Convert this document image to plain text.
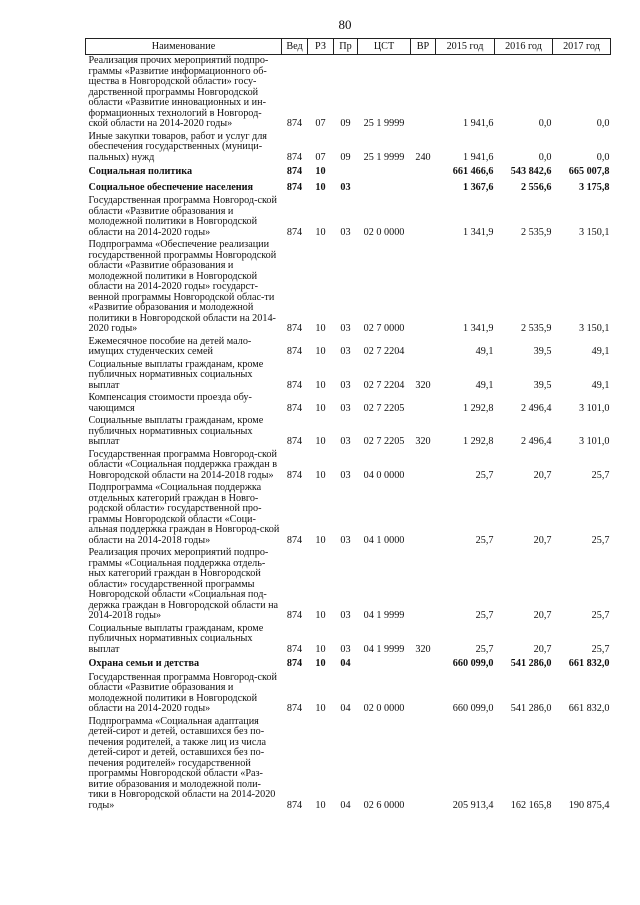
80
Наименование	Вед	РЗ	Пр	ЦСТ	ВР	2015 год	2016 год	2017 год
Реализация прочих мероприятий подпро-граммы «Развитие информационного об-щества в Новгородской области» госу-дарственной программы Новгородской области «Развитие инновационных и ин-формационных технологий в Новгород-ской области на 2014-2020 годы»	874	07	09	25 1 9999		1 941,6	0,0	0,0
Иные закупки товаров, работ и услуг для обеспечения государственных (муници-пальных) нужд	874	07	09	25 1 9999	240	1 941,6	0,0	0,0
Социальная политика	874	10				661 466,6	543 842,6	665 007,8
Социальное обеспечение населения	874	10	03			1 367,6	2 556,6	3 175,8
Государственная программа Новгород-ской области «Развитие образования и молодежной политики в Новгородской области на 2014-2020 годы»	874	10	03	02 0 0000		1 341,9	2 535,9	3 150,1
Подпрограмма «Обеспечение реализации государственной программы Новгородской области «Развитие образования и молодежной политики в Новгородской области на 2014-2020 годы» государст-венной программы Новгородской облас-ти «Развитие образования и молодежной политики в Новгородской области на 2014-2020 годы»	874	10	03	02 7 0000		1 341,9	2 535,9	3 150,1
Ежемесячное пособие на детей мало-имущих студенческих семей	874	10	03	02 7 2204		49,1	39,5	49,1
Социальные выплаты гражданам, кроме публичных нормативных социальных выплат	874	10	03	02 7 2204	320	49,1	39,5	49,1
Компенсация стоимости проезда обу-чающимся	874	10	03	02 7 2205		1 292,8	2 496,4	3 101,0
Социальные выплаты гражданам, кроме публичных нормативных социальных выплат	874	10	03	02 7 2205	320	1 292,8	2 496,4	3 101,0
Государственная программа Новгород-ской области «Социальная поддержка граждан в Новгородской области на 2014-2018 годы»	874	10	03	04 0 0000		25,7	20,7	25,7
Подпрограмма «Социальная поддержка отдельных категорий граждан в Новго-родской области» государственной про-граммы Новгородской области «Соци-альная поддержка граждан в Новгород-ской области на 2014-2018 годы»	874	10	03	04 1 0000		25,7	20,7	25,7
Реализация прочих мероприятий подпро-граммы «Социальная поддержка отдель-ных категорий граждан в Новгородской области» государственной программы Новгородской области «Социальная под-держка граждан в Новгородской области на 2014-2018 годы»	874	10	03	04 1 9999		25,7	20,7	25,7
Социальные выплаты гражданам, кроме публичных нормативных социальных выплат	874	10	03	04 1 9999	320	25,7	20,7	25,7
Охрана семьи и детства	874	10	04			660 099,0	541 286,0	661 832,0
Государственная программа Новгород-ской области «Развитие образования и молодежной политики в Новгородской области на 2014-2020 годы»	874	10	04	02 0 0000		660 099,0	541 286,0	661 832,0
Подпрограмма «Социальная адаптация детей-сирот и детей, оставшихся без по-печения родителей, а также лиц из числа детей-сирот и детей, оставшихся без по-печения родителей» государственной программы Новгородской области «Раз-витие образования и молодежной поли-тики в Новгородской области на 2014-2020 годы»	874	10	04	02 6 0000		205 913,4	162 165,8	190 875,4
